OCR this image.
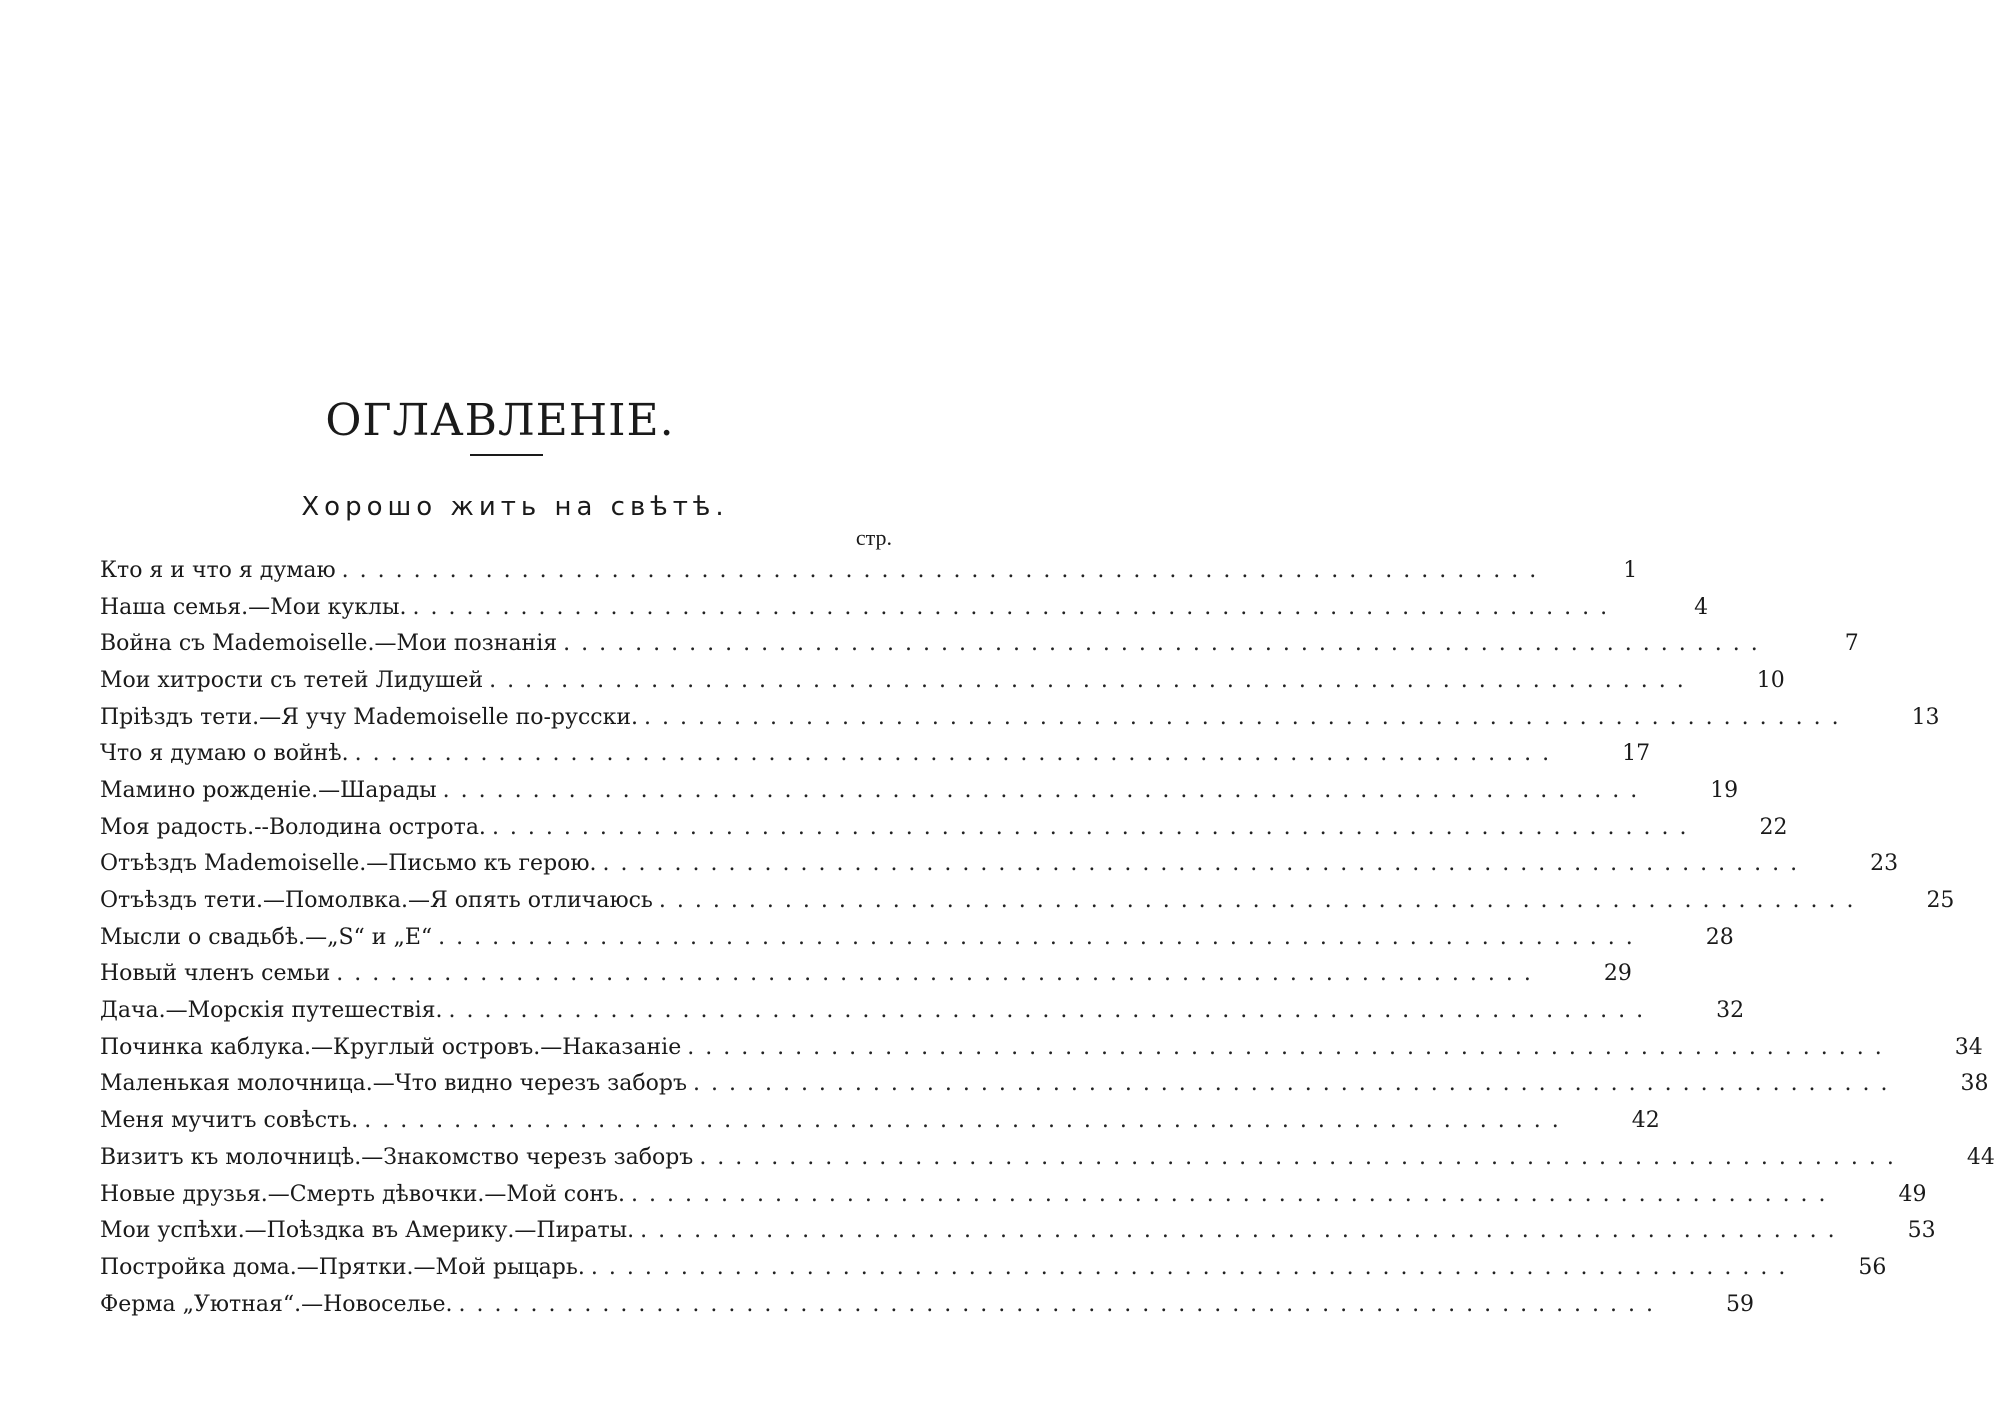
ОГЛАВЛЕНІЕ.
Хорошо жить на свѣтѣ.
стр.
Кто я и что я думаю ...................................................................	1
Наша семья.—Мои куклы. ...................................................................	4
Война съ Mademoiselle.—Мои познанія ...................................................................	7
Мои хитрости съ тетей Лидушей ...................................................................	10
Пріѣздъ тети.—Я учу Mademoiselle по-русски. ...................................................................	13
Что я думаю о войнѣ. ...................................................................	17
Мамино рожденіе.—Шарады ...................................................................	19
Моя радость.--Володина острота. ...................................................................	22
Отъѣздъ Mademoiselle.—Письмо къ герою. ...................................................................	23
Отъѣздъ тети.—Помолвка.—Я опять отличаюсь ...................................................................	25
Мысли о свадьбѣ.—„S“ и „E“ ...................................................................	28
Новый членъ семьи ...................................................................	29
Дача.—Морскія путешествія. ...................................................................	32
Починка каблука.—Круглый островъ.—Наказаніе ...................................................................	34
Маленькая молочница.—Что видно черезъ заборъ ...................................................................	38
Меня мучитъ совѣсть. ...................................................................	42
Визитъ къ молочницѣ.—Знакомство черезъ заборъ ...................................................................	44
Новые друзья.—Смерть дѣвочки.—Мой сонъ. ...................................................................	49
Мои успѣхи.—Поѣздка въ Америку.—Пираты. ...................................................................	53
Постройка дома.—Прятки.—Мой рыцарь. ...................................................................	56
Ферма „Уютная“.—Новоселье. ...................................................................	59
